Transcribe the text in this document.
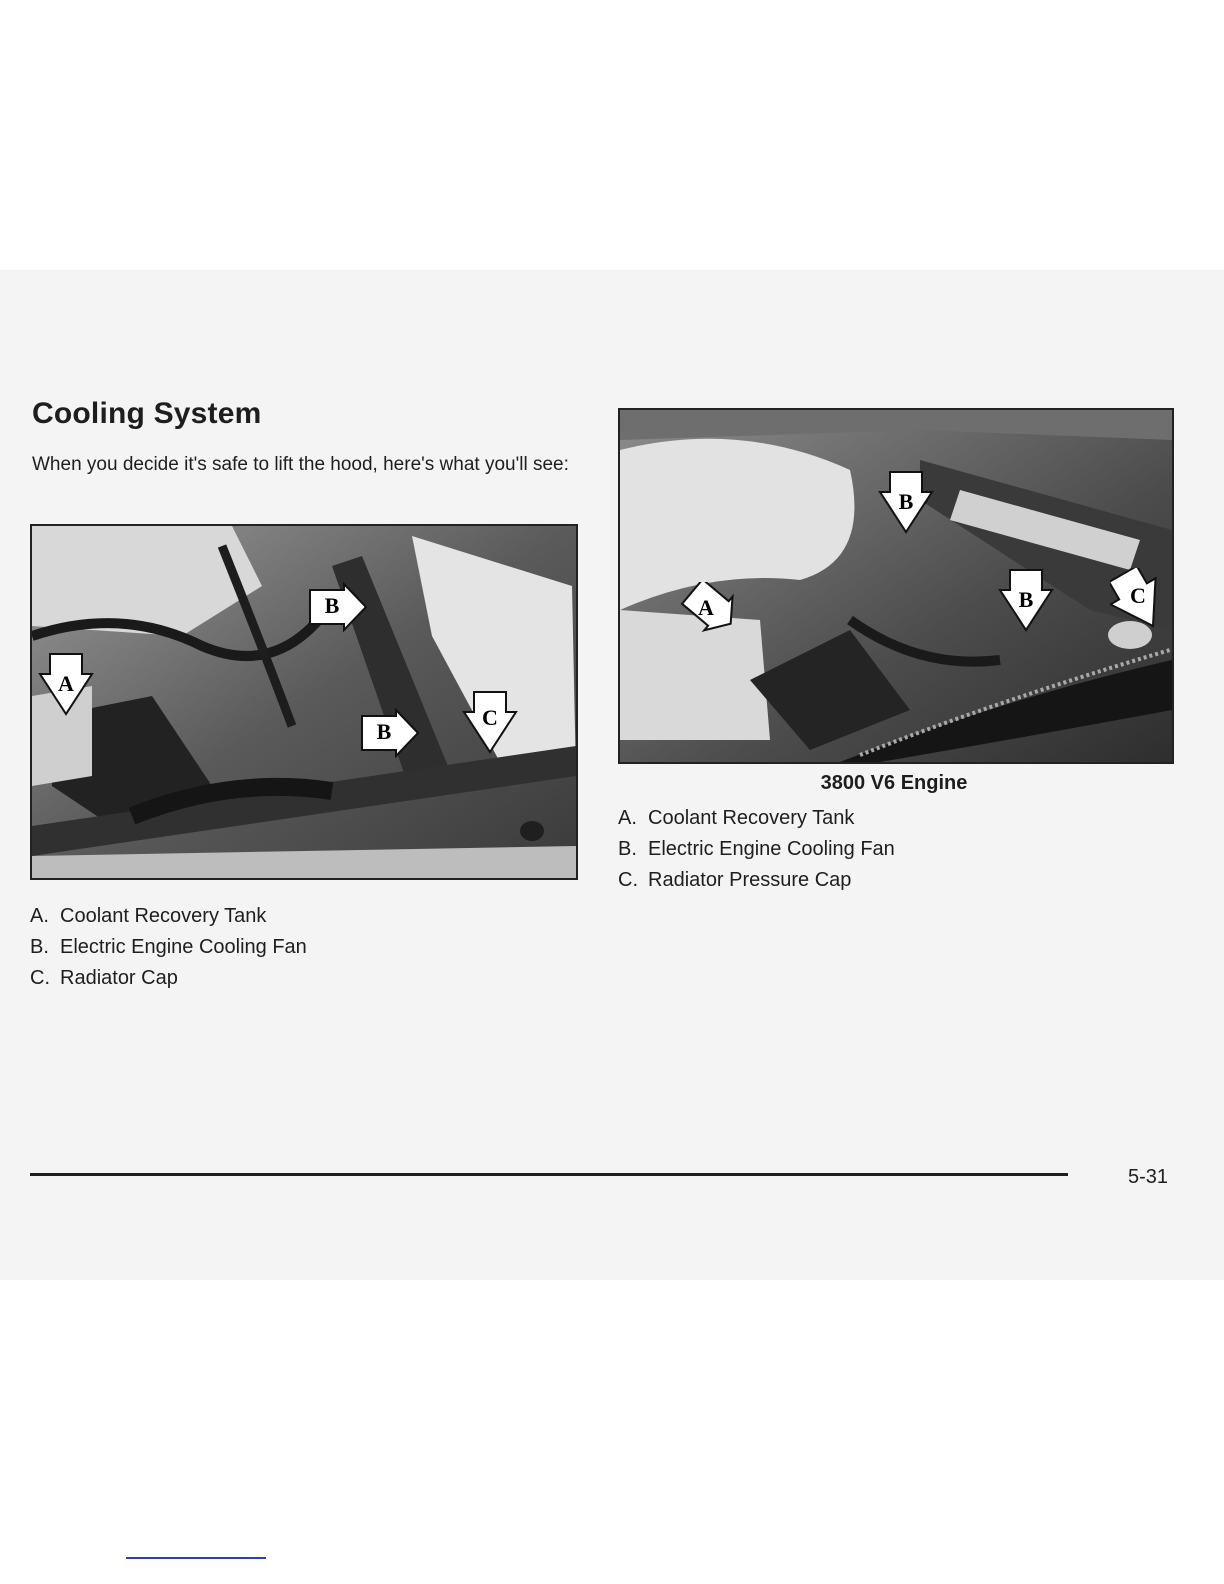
Cooling System

When you decide it's safe to lift the hood, here's what you'll see:

A
B
B
C
B
A	B	C

3800 V6 Engine

A. Coolant Recovery Tank
B. Electric Engine Cooling Fan
C. Radiator Cap
A. Coolant Recovery Tank
B. Electric Engine Cooling Fan
C. Radiator Pressure Cap
5-31
